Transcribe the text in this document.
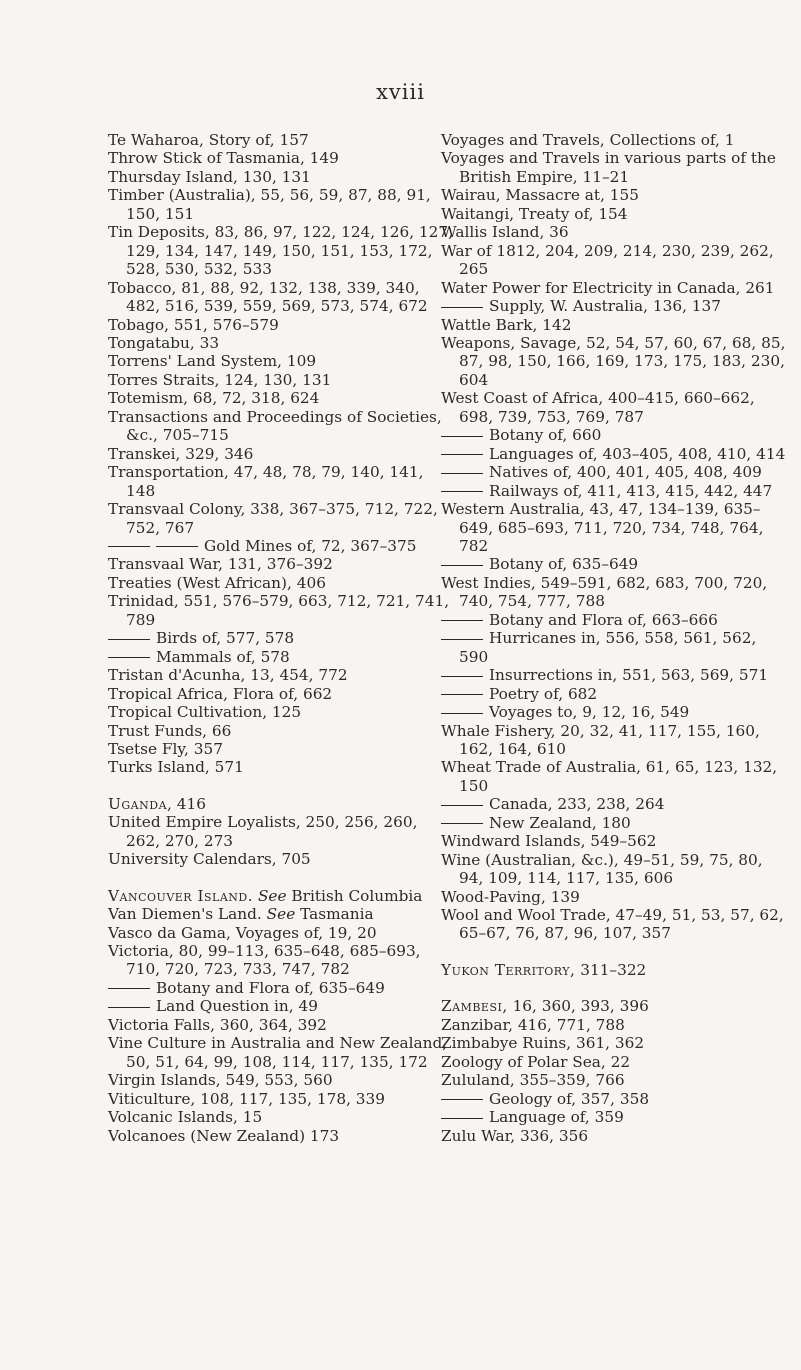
xviii
Te Waharoa, Story of, 157
Throw Stick of Tasmania, 149
Thursday Island, 130, 131
Timber (Australia), 55, 56, 59, 87, 88, 91, 150, 151
Tin Deposits, 83, 86, 97, 122, 124, 126, 127, 129, 134, 147, 149, 150, 151, 153, 172, 528, 530, 532, 533
Tobacco, 81, 88, 92, 132, 138, 339, 340, 482, 516, 539, 559, 569, 573, 574, 672
Tobago, 551, 576–579
Tongatabu, 33
Torrens' Land System, 109
Torres Straits, 124, 130, 131
Totemism, 68, 72, 318, 624
Transactions and Proceedings of Societies, &c., 705–715
Transkei, 329, 346
Transportation, 47, 48, 78, 79, 140, 141, 148
Transvaal Colony, 338, 367–375, 712, 722, 752, 767
Gold Mines of, 72, 367–375
Transvaal War, 131, 376–392
Treaties (West African), 406
Trinidad, 551, 576–579, 663, 712, 721, 741, 789
Birds of, 577, 578
Mammals of, 578
Tristan d'Acunha, 13, 454, 772
Tropical Africa, Flora of, 662
Tropical Cultivation, 125
Trust Funds, 66
Tsetse Fly, 357
Turks Island, 571
Uganda, 416
United Empire Loyalists, 250, 256, 260, 262, 270, 273
University Calendars, 705
Vancouver Island. See British Columbia
Van Diemen's Land. See Tasmania
Vasco da Gama, Voyages of, 19, 20
Victoria, 80, 99–113, 635–648, 685–693, 710, 720, 723, 733, 747, 782
Botany and Flora of, 635–649
Land Question in, 49
Victoria Falls, 360, 364, 392
Vine Culture in Australia and New Zealand, 50, 51, 64, 99, 108, 114, 117, 135, 172
Virgin Islands, 549, 553, 560
Viticulture, 108, 117, 135, 178, 339
Volcanic Islands, 15
Volcanoes (New Zealand) 173
Voyages and Travels, Collections of, 1
Voyages and Travels in various parts of the British Empire, 11–21
Wairau, Massacre at, 155
Waitangi, Treaty of, 154
Wallis Island, 36
War of 1812, 204, 209, 214, 230, 239, 262, 265
Water Power for Electricity in Canada, 261
Supply, W. Australia, 136, 137
Wattle Bark, 142
Weapons, Savage, 52, 54, 57, 60, 67, 68, 85, 87, 98, 150, 166, 169, 173, 175, 183, 230, 604
West Coast of Africa, 400–415, 660–662, 698, 739, 753, 769, 787
Botany of, 660
Languages of, 403–405, 408, 410, 414
Natives of, 400, 401, 405, 408, 409
Railways of, 411, 413, 415, 442, 447
Western Australia, 43, 47, 134–139, 635–649, 685–693, 711, 720, 734, 748, 764, 782
Botany of, 635–649
West Indies, 549–591, 682, 683, 700, 720, 740, 754, 777, 788
Botany and Flora of, 663–666
Hurricanes in, 556, 558, 561, 562, 590
Insurrections in, 551, 563, 569, 571
Poetry of, 682
Voyages to, 9, 12, 16, 549
Whale Fishery, 20, 32, 41, 117, 155, 160, 162, 164, 610
Wheat Trade of Australia, 61, 65, 123, 132, 150
Canada, 233, 238, 264
New Zealand, 180
Windward Islands, 549–562
Wine (Australian, &c.), 49–51, 59, 75, 80, 94, 109, 114, 117, 135, 606
Wood-Paving, 139
Wool and Wool Trade, 47–49, 51, 53, 57, 62, 65–67, 76, 87, 96, 107, 357
Yukon Territory, 311–322
Zambesi, 16, 360, 393, 396
Zanzibar, 416, 771, 788
Zimbabye Ruins, 361, 362
Zoology of Polar Sea, 22
Zululand, 355–359, 766
Geology of, 357, 358
Language of, 359
Zulu War, 336, 356
